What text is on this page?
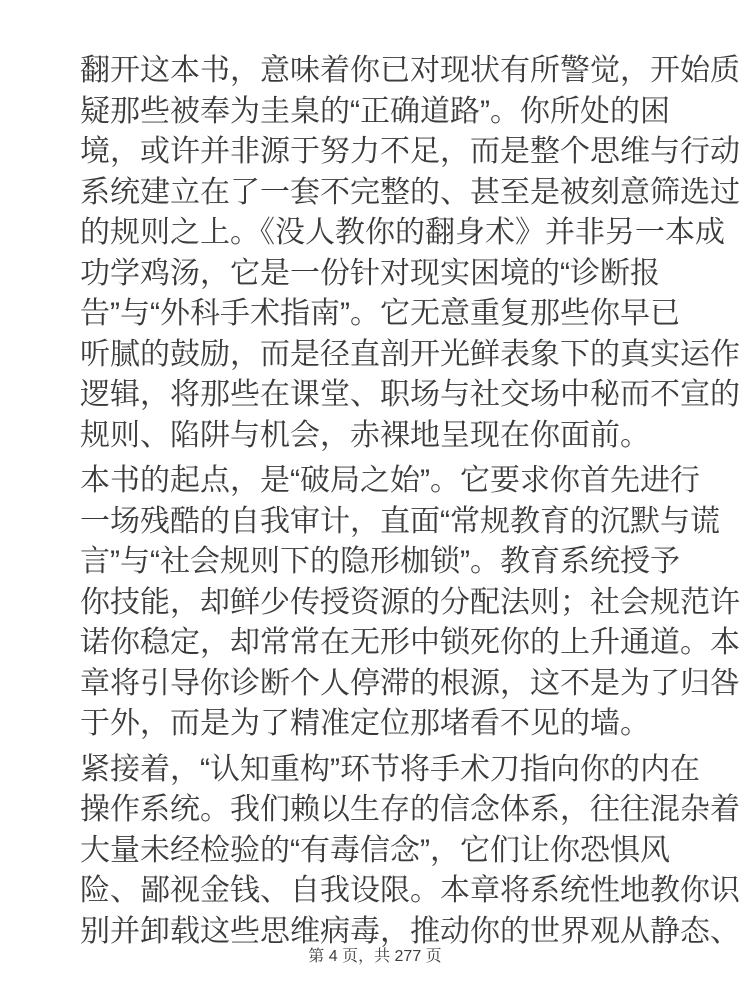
翻开这本书，意味着你已对现状有所警觉，开始质
疑那些被奉为圭臬的“正确道路”。你所处的困
境，或许并非源于努力不足，而是整个思维与行动
系统建立在了一套不完整的、甚至是被刻意筛选过
的规则之上。《没人教你的翻身术》并非另一本成
功学鸡汤，它是一份针对现实困境的“诊断报
告”与“外科手术指南”。它无意重复那些你早已
听腻的鼓励，而是径直剖开光鲜表象下的真实运作
逻辑，将那些在课堂、职场与社交场中秘而不宣的
规则、陷阱与机会，赤裸地呈现在你面前。
本书的起点，是“破局之始”。它要求你首先进行
一场残酷的自我审计，直面“常规教育的沉默与谎
言”与“社会规则下的隐形枷锁”。教育系统授予
你技能，却鲜少传授资源的分配法则；社会规范许
诺你稳定，却常常在无形中锁死你的上升通道。本
章将引导你诊断个人停滞的根源，这不是为了归咎
于外，而是为了精准定位那堵看不见的墙。
紧接着，“认知重构”环节将手术刀指向你的内在
操作系统。我们赖以生存的信念体系，往往混杂着
大量未经检验的“有毒信念”，它们让你恐惧风
险、鄙视金钱、自我设限。本章将系统性地教你识
别并卸载这些思维病毒，推动你的世界观从静态、
第 4 页，共 277 页
